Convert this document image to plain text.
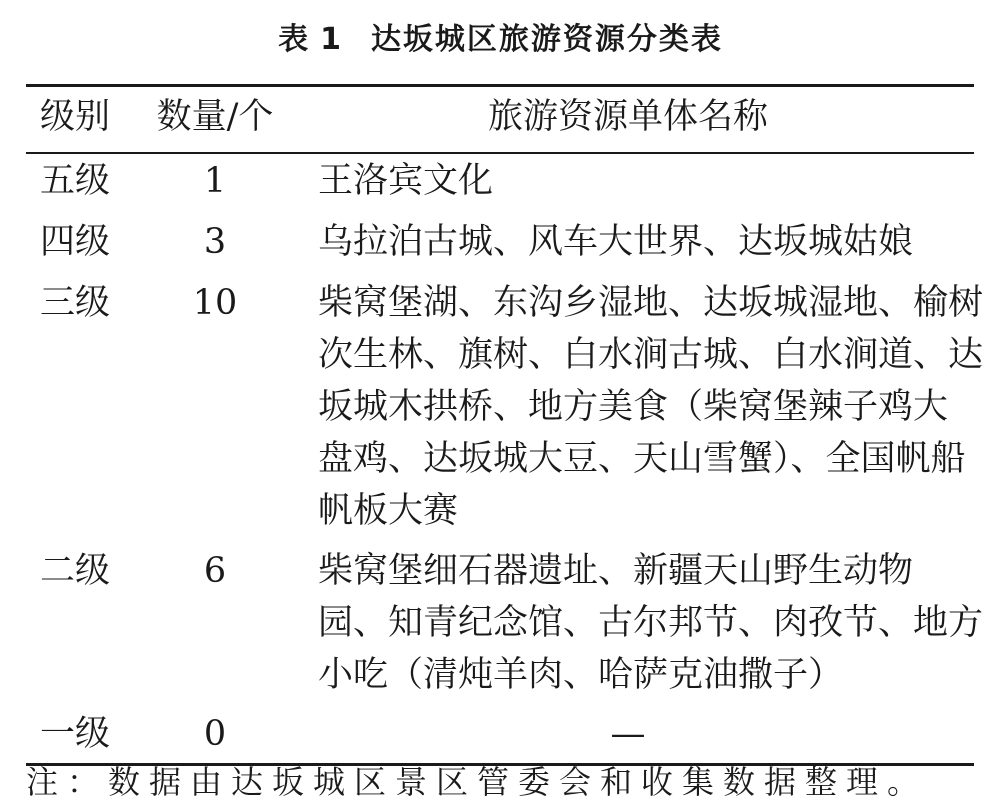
表 1 达坂城区旅游资源分类表
级别 数量/个	旅游资源单体名称
五级	1	王洛宾文化
四级	3	乌拉泊古城、风车大世界、达坂城姑娘
三级	10	柴窝堡湖、东沟乡湿地、达坂城湿地、榆树
次生林、旗树、白水涧古城、白水涧道、达
坂城木拱桥、地方美食（柴窝堡辣子鸡大
盘鸡、达坂城大豆、天山雪蟹）、全国帆船
帆板大赛
二级	6	柴窝堡细石器遗址、新疆天山野生动物
园、知青纪念馆、古尔邦节、肉孜节、地方
小吃（清炖羊肉、哈萨克油撒子）
一级	0	—
注：数据由达坂城区景区管委会和收集数据整理。
